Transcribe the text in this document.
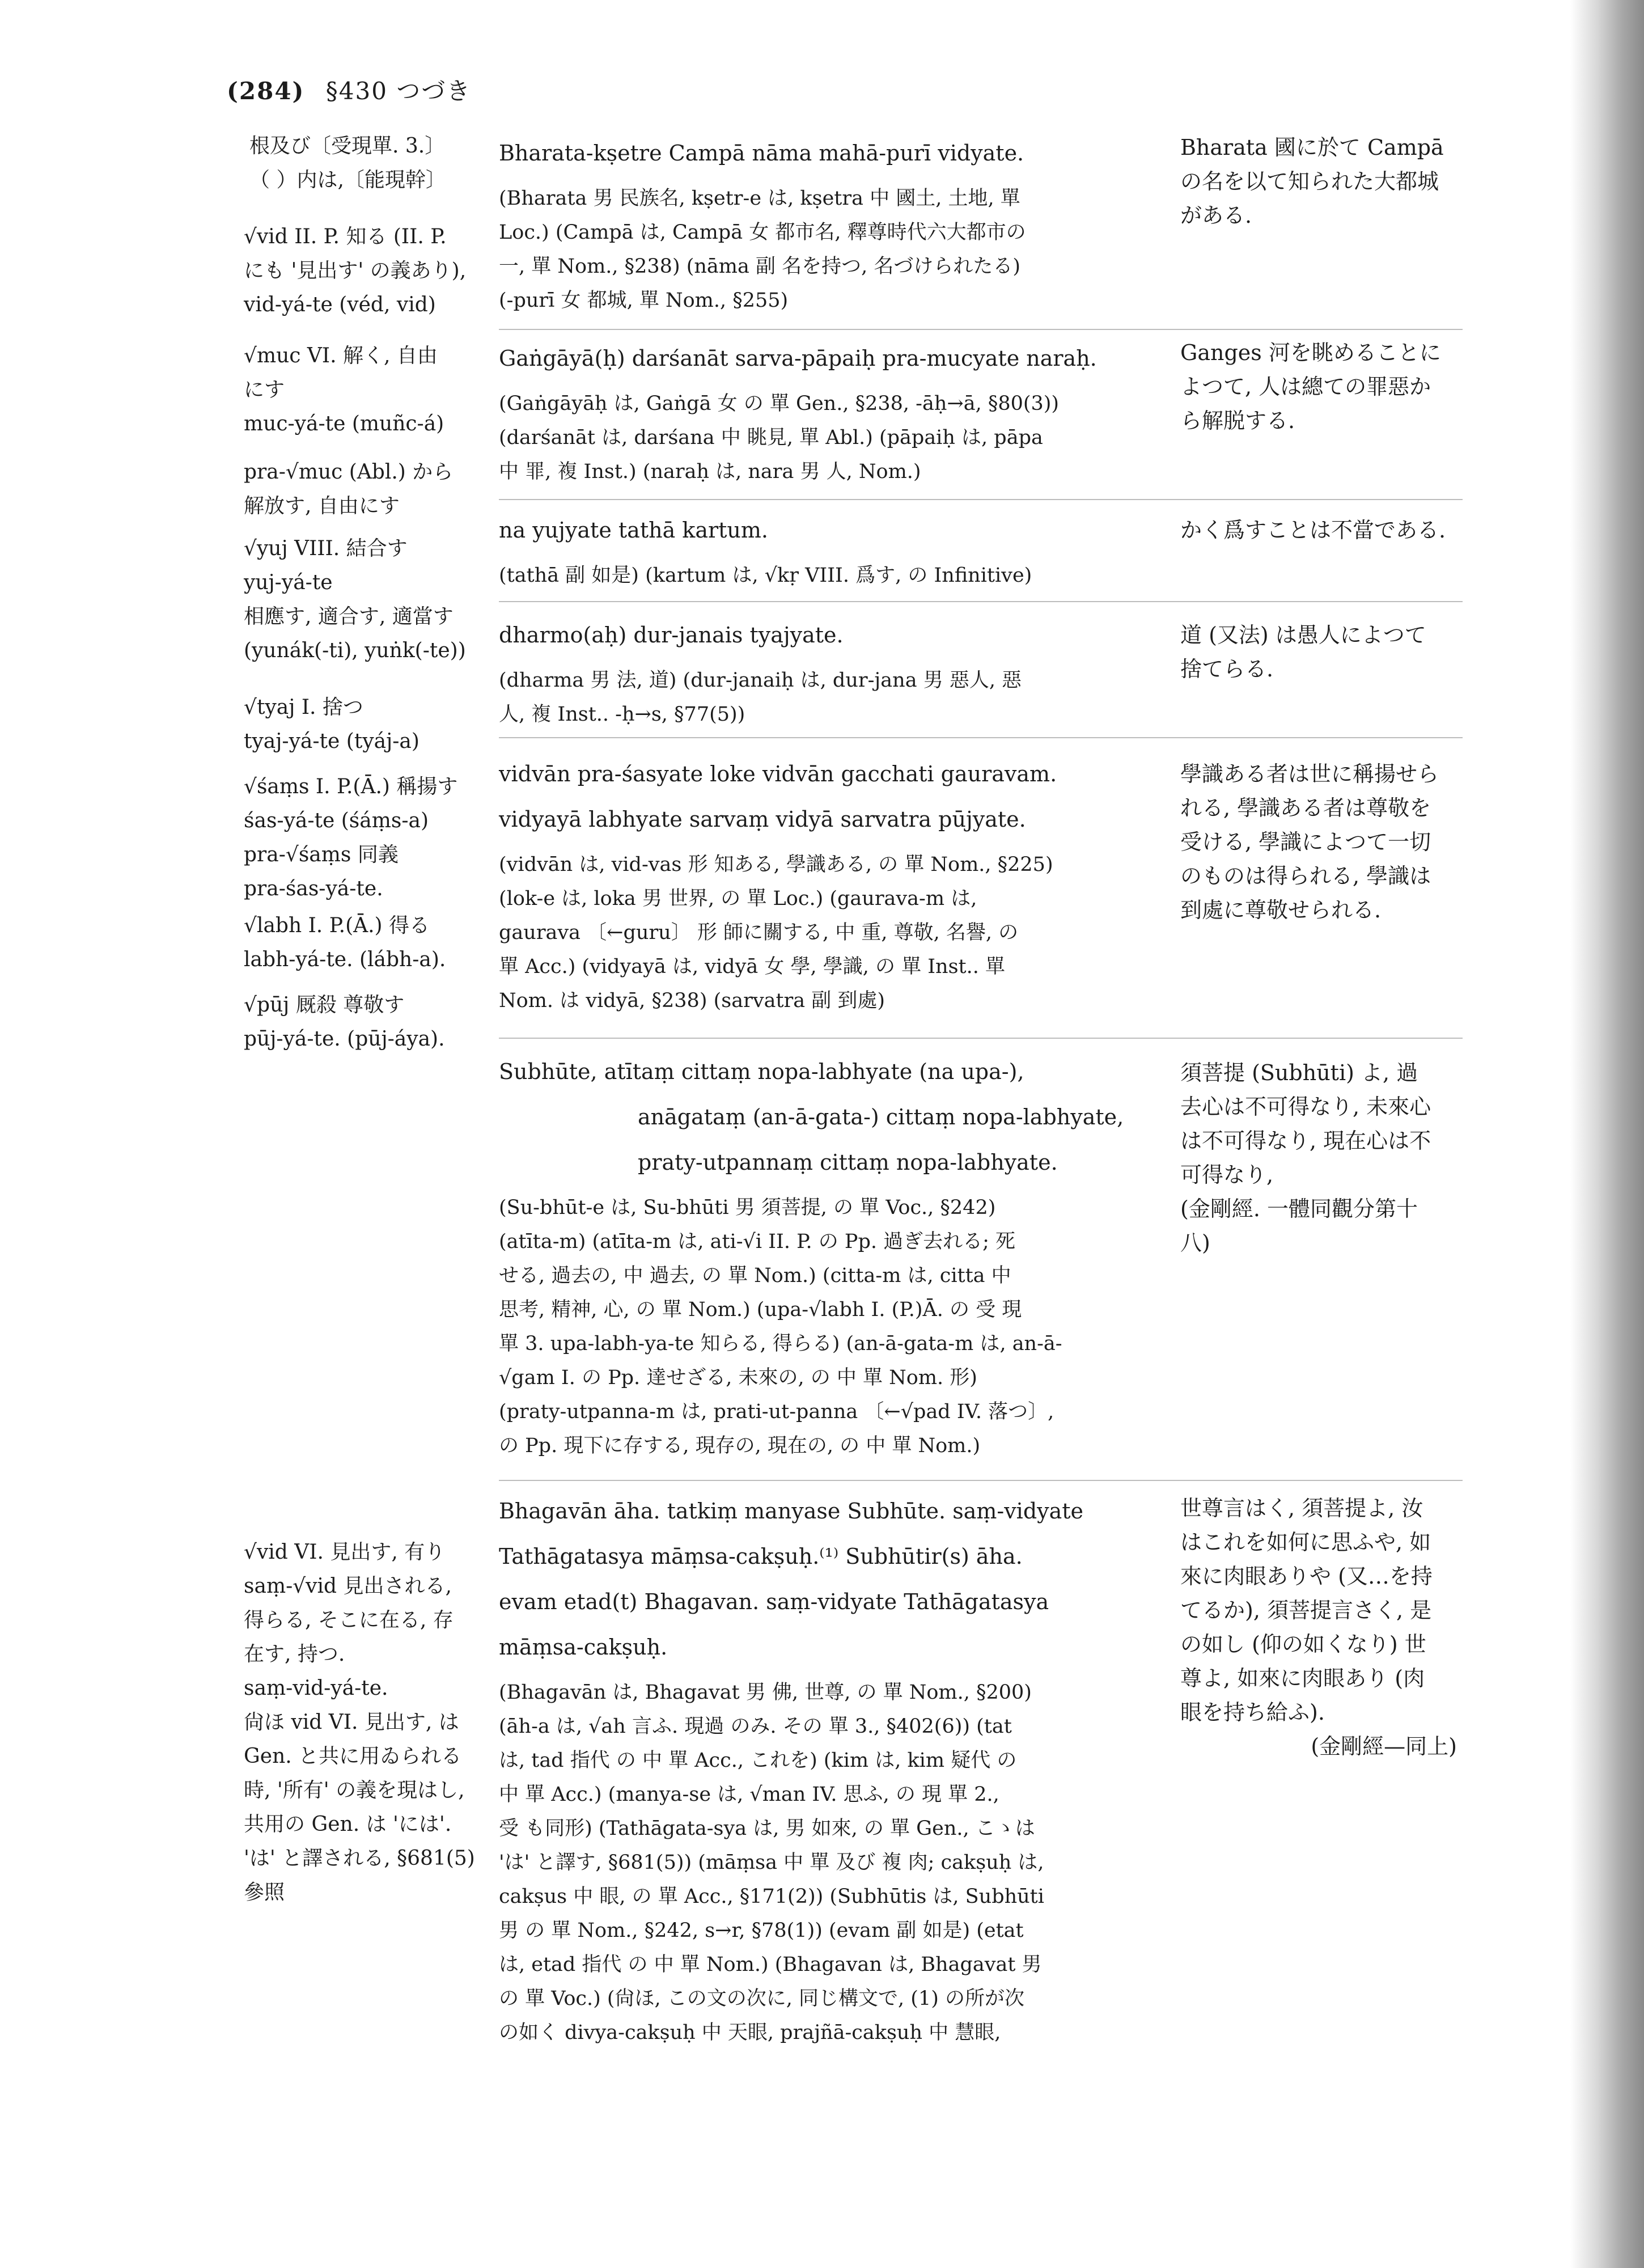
(284) §430 つづき
根及び〔受現單. 3.〕
（ ）内は,〔能現幹〕
√vid II. P. 知る (II. P.
にも '見出す' の義あり),
vid-yá-te (véd, vid)
√muc VI. 解く, 自由
にす
muc-yá-te (muñc-á)
pra-√muc (Abl.) から
解放す, 自由にす
√yuj VIII. 結合す
yuj-yá-te
相應す, 適合す, 適當す
(yunák(-ti), yuṅk(-te))
√tyaj I. 捨つ
tyaj-yá-te (tyáj-a)
√śaṃs I. P.(Ā.) 稱揚す
śas-yá-te (śáṃs-a)
pra-√śaṃs 同義
pra-śas-yá-te.
√labh I. P.(Ā.) 得る
labh-yá-te. (lábh-a).
√pūj 厩殺 尊敬す
pūj-yá-te. (pūj-áya).
√vid VI. 見出す, 有り
saṃ-√vid 見出される,
得らる, そこに在る, 存
在す, 持つ.
saṃ-vid-yá-te.
尙ほ vid VI. 見出す, は
Gen. と共に用ゐられる
時, '所有' の義を現はし,
共用の Gen. は 'には'.
'は' と譯される, §681(5)
參照
Bharata-kṣetre Campā nāma mahā-purī vidyate.
(Bharata 男 民族名, kṣetr-e は, kṣetra 中 國土, 土地, 單
Loc.) (Campā は, Campā 女 都市名, 釋尊時代六大都市の
一, 單 Nom., §238) (nāma 副 名を持つ, 名づけられたる)
(-purī 女 都城, 單 Nom., §255)
Bharata 國に於て Campā
の名を以て知られた大都城
がある.
Gaṅgāyā(ḥ) darśanāt sarva-pāpaiḥ pra-mucyate naraḥ.
(Gaṅgāyāḥ は, Gaṅgā 女 の 單 Gen., §238, -āḥ→ā, §80(3))
(darśanāt は, darśana 中 眺見, 單 Abl.) (pāpaiḥ は, pāpa
中 罪, 複 Inst.) (naraḥ は, nara 男 人, Nom.)
Ganges 河を眺めることに
よつて, 人は總ての罪惡か
ら解脱する.
na yujyate tathā kartum.
(tathā 副 如是) (kartum は, √kṛ VIII. 爲す, の Infinitive)
かく爲すことは不當である.
dharmo(aḥ) dur-janais tyajyate.
(dharma 男 法, 道) (dur-janaiḥ は, dur-jana 男 惡人, 惡
人, 複 Inst.. -ḥ→s, §77(5))
道 (又法) は愚人によつて
捨てらる.
vidvān pra-śasyate loke vidvān gacchati gauravam.
vidyayā labhyate sarvaṃ vidyā sarvatra pūjyate.
(vidvān は, vid-vas 形 知ある, 學識ある, の 單 Nom., §225)
(lok-e は, loka 男 世界, の 單 Loc.) (gaurava-m は,
gaurava 〔←guru〕 形 師に關する, 中 重, 尊敬, 名譽, の
單 Acc.) (vidyayā は, vidyā 女 學, 學識, の 單 Inst.. 單
Nom. は vidyā, §238) (sarvatra 副 到處)
學識ある者は世に稱揚せら
れる, 學識ある者は尊敬を
受ける, 學識によつて一切
のものは得られる, 學識は
到處に尊敬せられる.
Subhūte, atītaṃ cittaṃ nopa-labhyate (na upa-),
anāgataṃ (an-ā-gata-) cittaṃ nopa-labhyate,
praty-utpannaṃ cittaṃ nopa-labhyate.
(Su-bhūt-e は, Su-bhūti 男 須菩提, の 單 Voc., §242)
(atīta-m) (atīta-m は, ati-√i II. P. の Pp. 過ぎ去れる; 死
せる, 過去の, 中 過去, の 單 Nom.) (citta-m は, citta 中
思考, 精神, 心, の 單 Nom.) (upa-√labh I. (P.)Ā. の 受 現
單 3. upa-labh-ya-te 知らる, 得らる) (an-ā-gata-m は, an-ā-
√gam I. の Pp. 達せざる, 未來の, の 中 單 Nom. 形)
(praty-utpanna-m は, prati-ut-panna 〔←√pad IV. 落つ〕,
の Pp. 現下に存する, 現存の, 現在の, の 中 單 Nom.)
須菩提 (Subhūti) よ, 過
去心は不可得なり, 未來心
は不可得なり, 現在心は不
可得なり,
(金剛經. 一體同觀分第十
八)
Bhagavān āha. tatkiṃ manyase Subhūte. saṃ-vidyate
Tathāgatasya māṃsa-cakṣuḥ.⁽¹⁾ Subhūtir(s) āha.
evam etad(t) Bhagavan. saṃ-vidyate Tathāgatasya
māṃsa-cakṣuḥ.
(Bhagavān は, Bhagavat 男 佛, 世尊, の 單 Nom., §200)
(āh-a は, √ah 言ふ. 現過 のみ. その 單 3., §402(6)) (tat
は, tad 指代 の 中 單 Acc., これを) (kim は, kim 疑代 の
中 單 Acc.) (manya-se は, √man IV. 思ふ, の 現 單 2.,
受 も同形) (Tathāgata-sya は, 男 如來, の 單 Gen., こゝは
'は' と譯す, §681(5)) (māṃsa 中 單 及び 複 肉; cakṣuḥ は,
cakṣus 中 眼, の 單 Acc., §171(2)) (Subhūtis は, Subhūti
男 の 單 Nom., §242, s→r, §78(1)) (evam 副 如是) (etat
は, etad 指代 の 中 單 Nom.) (Bhagavan は, Bhagavat 男
の 單 Voc.) (尙ほ, この文の次に, 同じ構文で, (1) の所が次
の如く divya-cakṣuḥ 中 天眼, prajñā-cakṣuḥ 中 慧眼,
世尊言はく, 須菩提よ, 汝
はこれを如何に思ふや, 如
來に肉眼ありや (又…を持
てるか), 須菩提言さく, 是
の如し (仰の如くなり) 世
尊よ, 如來に肉眼あり (肉
眼を持ち給ふ).
(金剛經—同上)
